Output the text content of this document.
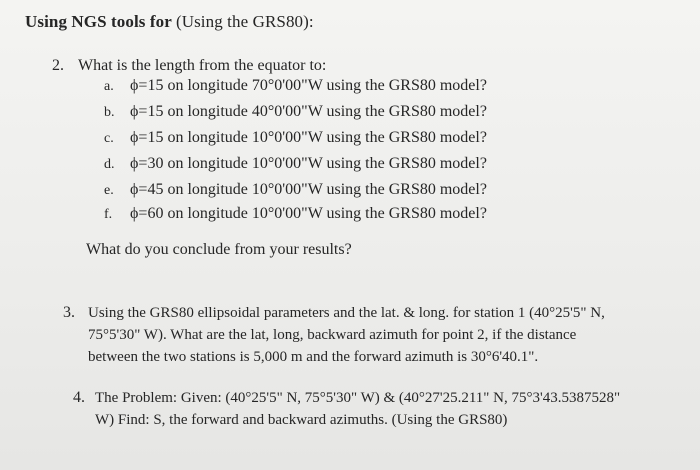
Using NGS tools for (Using the GRS80):
2. What is the length from the equator to:
a. ϕ=15 on longitude 70°0'00"W using the GRS80 model?
b. ϕ=15 on longitude 40°0'00"W using the GRS80 model?
c. ϕ=15 on longitude 10°0'00"W using the GRS80 model?
d. ϕ=30 on longitude 10°0'00"W using the GRS80 model?
e. ϕ=45 on longitude 10°0'00"W using the GRS80 model?
f. ϕ=60 on longitude 10°0'00"W using the GRS80 model?
What do you conclude from your results?
3. Using the GRS80 ellipsoidal parameters and the lat. & long. for station 1 (40°25'5" N,
75°5'30" W). What are the lat, long, backward azimuth for point 2, if the distance
between the two stations is 5,000 m and the forward azimuth is 30°6'40.1".
4. The Problem: Given: (40°25'5" N, 75°5'30" W) & (40°27'25.211" N, 75°3'43.5387528"
W) Find: S, the forward and backward azimuths. (Using the GRS80)
